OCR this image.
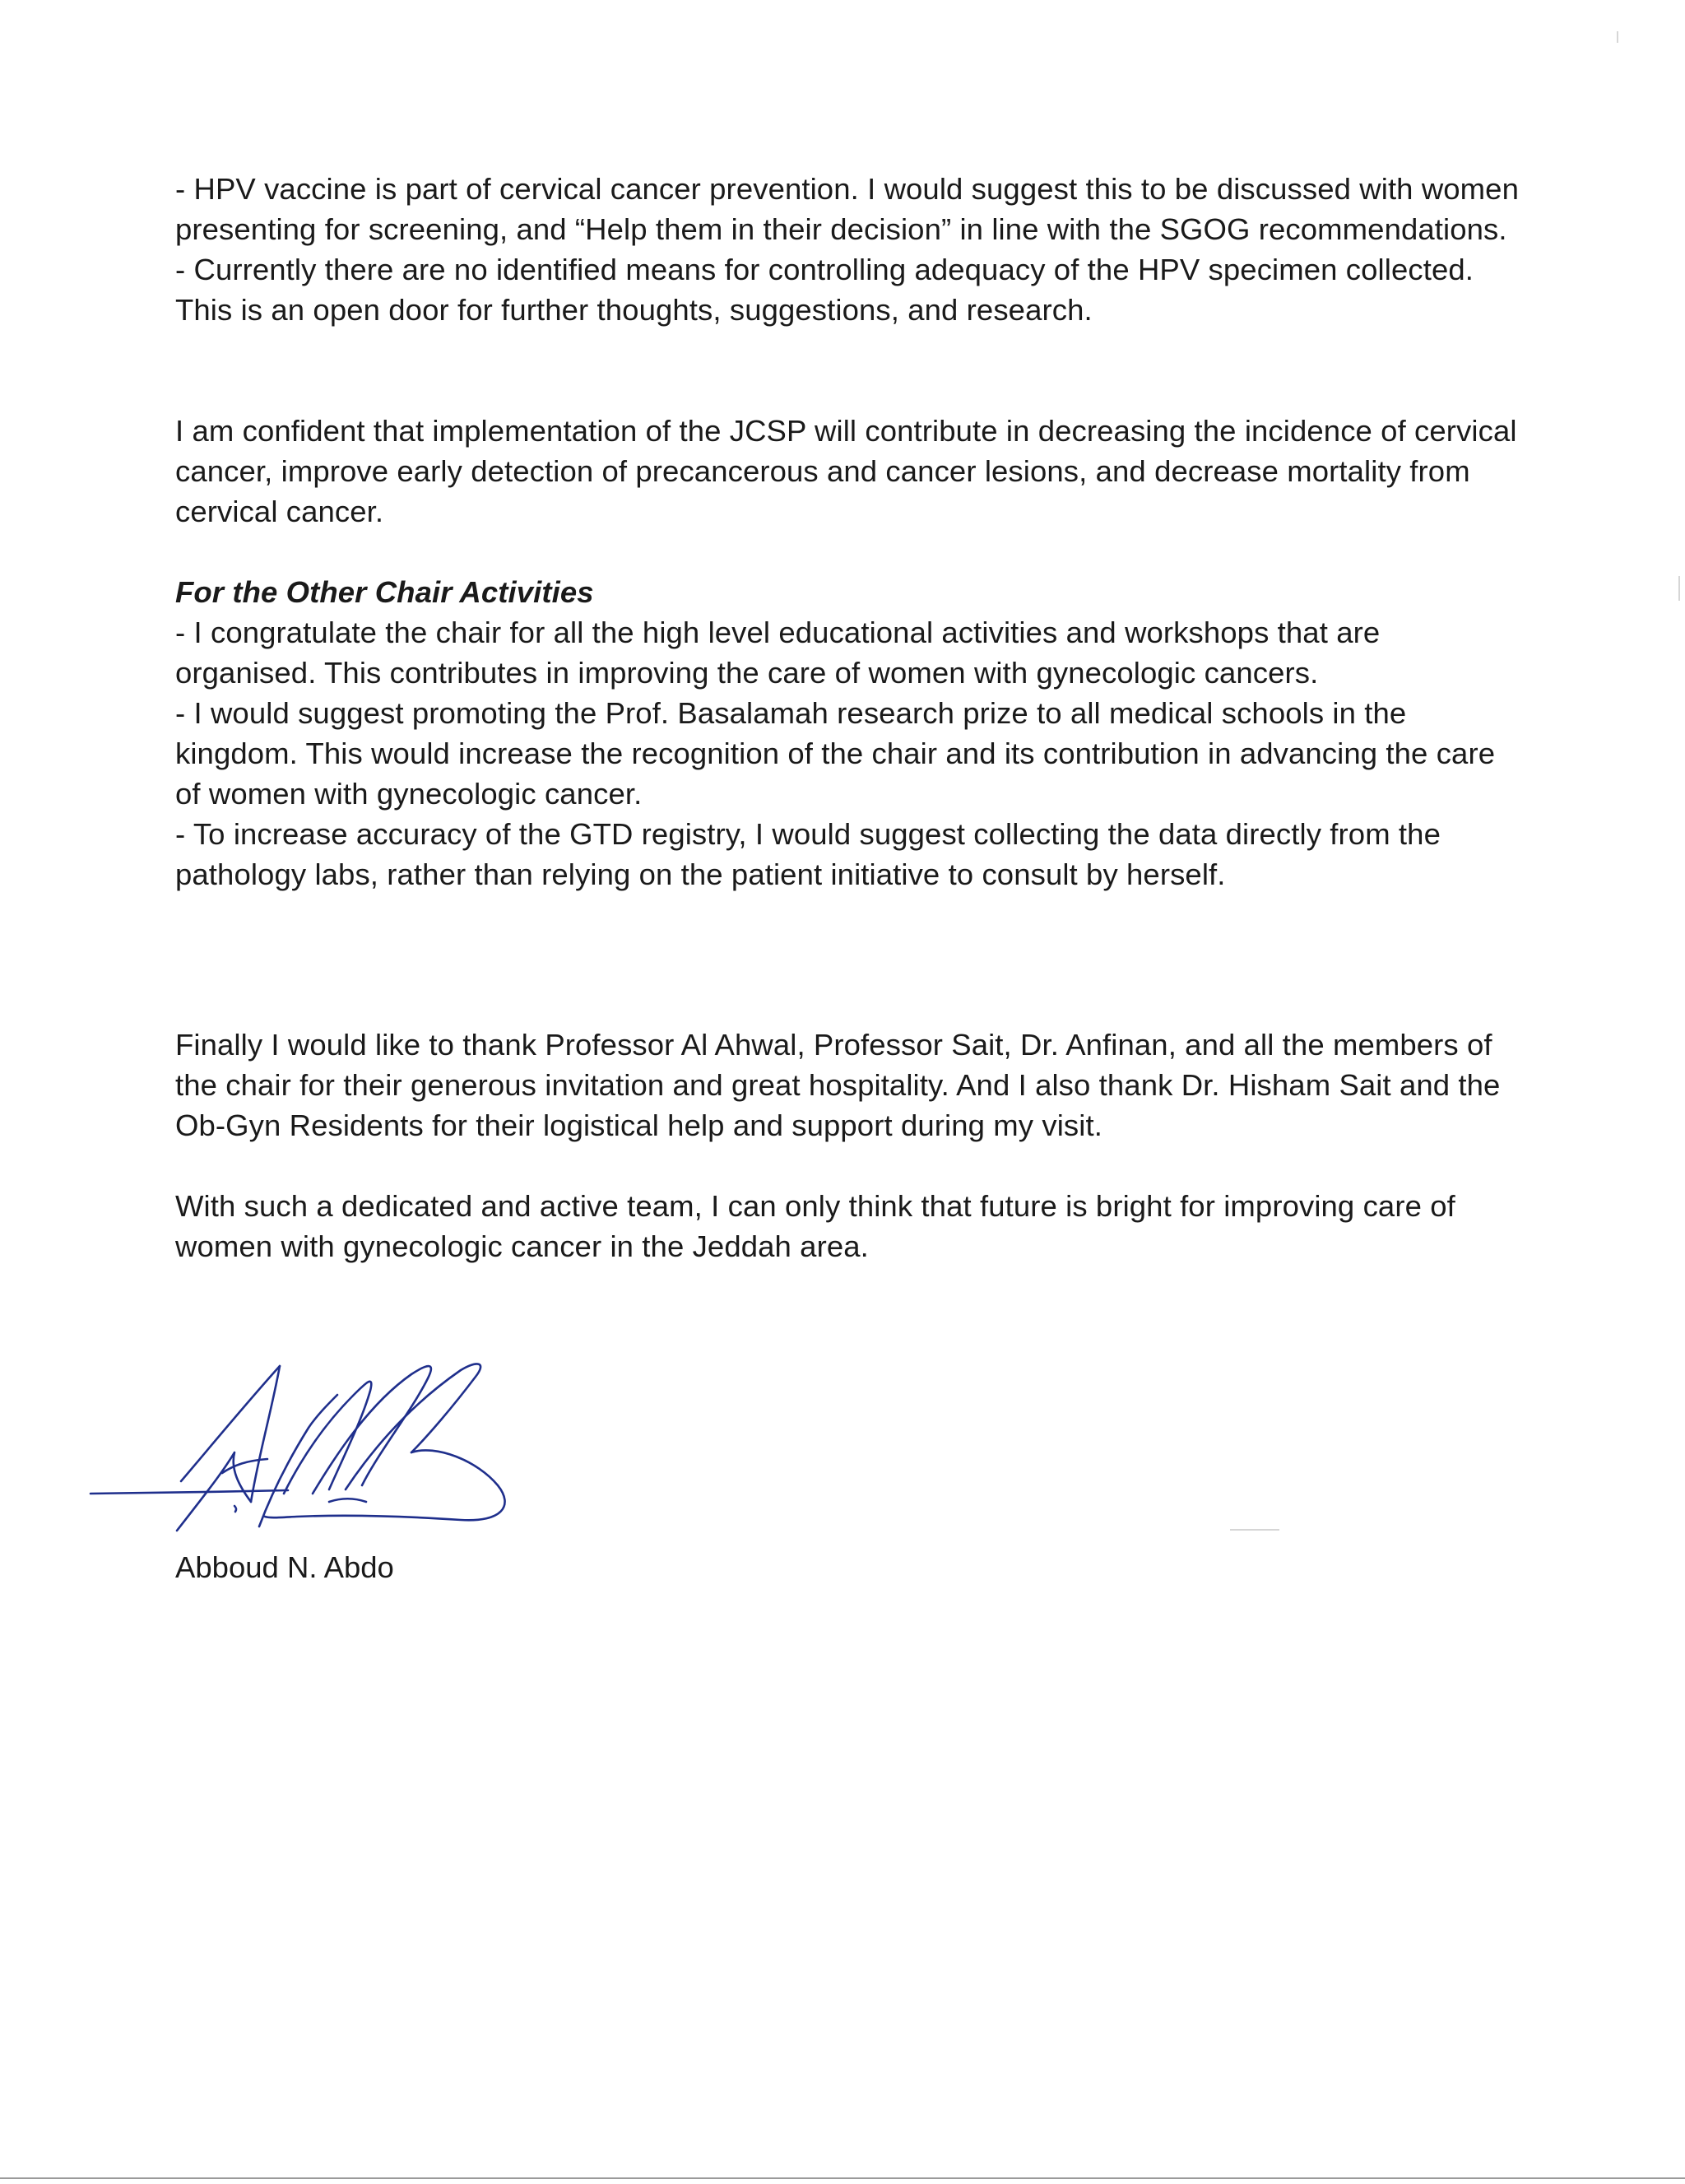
- HPV vaccine is part of cervical cancer prevention. I would suggest this to be discussed with women presenting for screening, and “Help them in their decision” in line with the SGOG recommendations.

- Currently there are no identified means for controlling adequacy of the HPV specimen collected. This is an open door for further thoughts, suggestions, and research.

I am confident that implementation of the JCSP will contribute in decreasing the incidence of cervical cancer, improve early detection of precancerous and cancer lesions, and decrease mortality from cervical cancer.

For the Other Chair Activities

- I congratulate the chair for all the high level educational activities and workshops that are organised. This contributes in improving the care of women with gynecologic cancers.

- I would suggest promoting the Prof. Basalamah research prize to all medical schools in the kingdom. This would increase the recognition of the chair and its contribution in advancing the care of women with gynecologic cancer.

- To increase accuracy of the GTD registry, I would suggest collecting the data directly from the pathology labs, rather than relying on the patient initiative to consult by herself.

Finally I would like to thank Professor Al Ahwal, Professor Sait, Dr. Anfinan, and all the members of the chair for their generous invitation and great hospitality. And I also thank Dr. Hisham Sait and the Ob-Gyn Residents for their logistical help and support during my visit.

With such a dedicated and active team, I can only think that future is bright for improving care of women with gynecologic cancer in the Jeddah area.

Abboud N. Abdo
